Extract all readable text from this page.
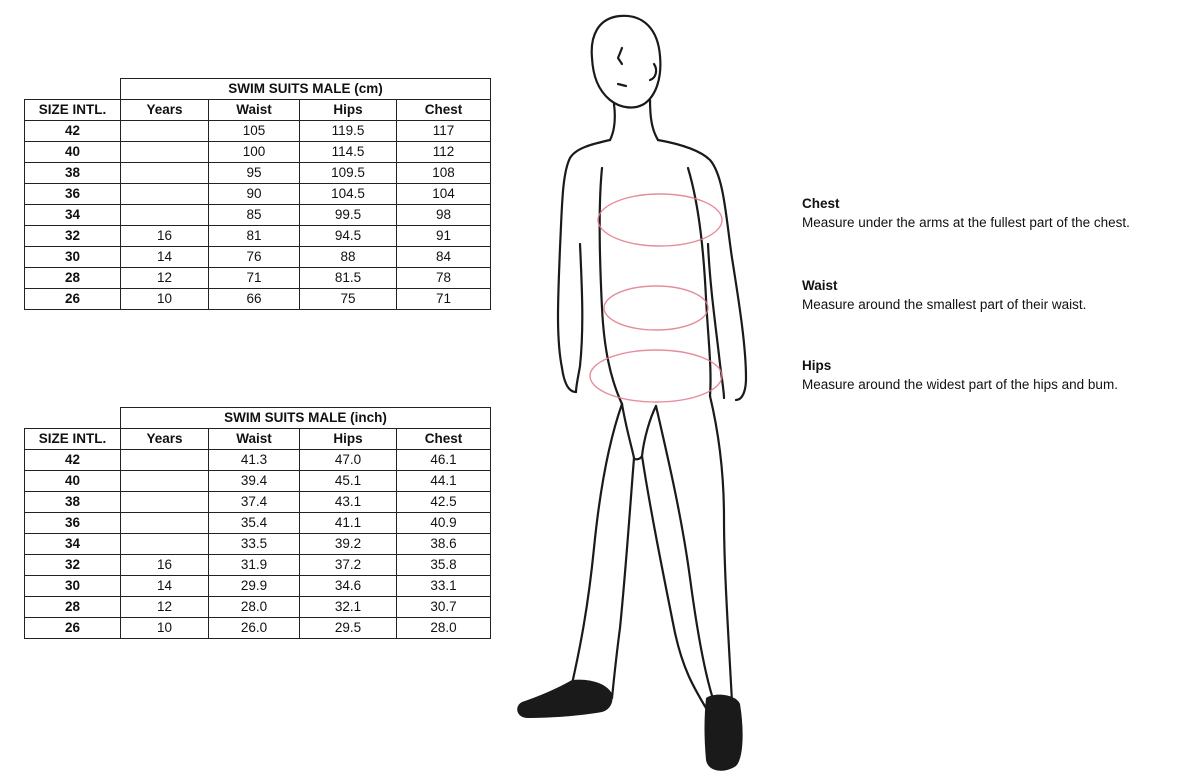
	SWIM SUITS MALE (cm)			
SIZE INTL.	Years	Waist	Hips	Chest
42		105	119.5	117
40		100	114.5	112
38		95	109.5	108
36		90	104.5	104
34		85	99.5	98
32	16	81	94.5	91
30	14	76	88	84
28	12	71	81.5	78
26	10	66	75	71
	SWIM SUITS MALE (inch)			
SIZE INTL.	Years	Waist	Hips	Chest
42		41.3	47.0	46.1
40		39.4	45.1	44.1
38		37.4	43.1	42.5
36		35.4	41.1	40.9
34		33.5	39.2	38.6
32	16	31.9	37.2	35.8
30	14	29.9	34.6	33.1
28	12	28.0	32.1	30.7
26	10	26.0	29.5	28.0
Chest
Measure under the arms at the fullest part of the chest.
Waist
Measure around the smallest part of their waist.
Hips
Measure around the widest part of the hips and bum.
